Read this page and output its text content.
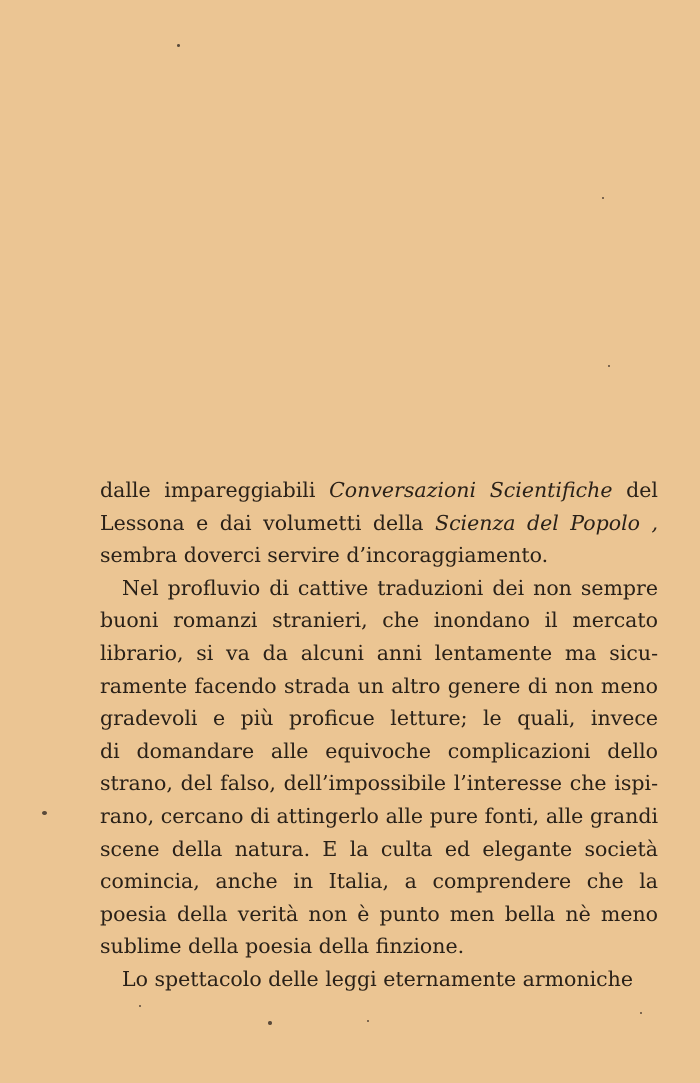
dalle impareggiabili Conversazioni Scientifiche del
Lessona e dai volumetti della Scienza del Popolo ,
sembra doverci servire d’incoraggiamento.
Nel profluvio di cattive traduzioni dei non sempre
buoni romanzi stranieri, che inondano il mercato
librario, si va da alcuni anni lentamente ma sicu-
ramente facendo strada un altro genere di non meno
gradevoli e più proficue letture; le quali, invece
di domandare alle equivoche complicazioni dello
strano, del falso, dell’impossibile l’interesse che ispi-
rano, cercano di attingerlo alle pure fonti, alle grandi
scene della natura. E la culta ed elegante società
comincia, anche in Italia, a comprendere che la
poesia della verità non è punto men bella nè meno
sublime della poesia della finzione.
Lo spettacolo delle leggi eternamente armoniche
